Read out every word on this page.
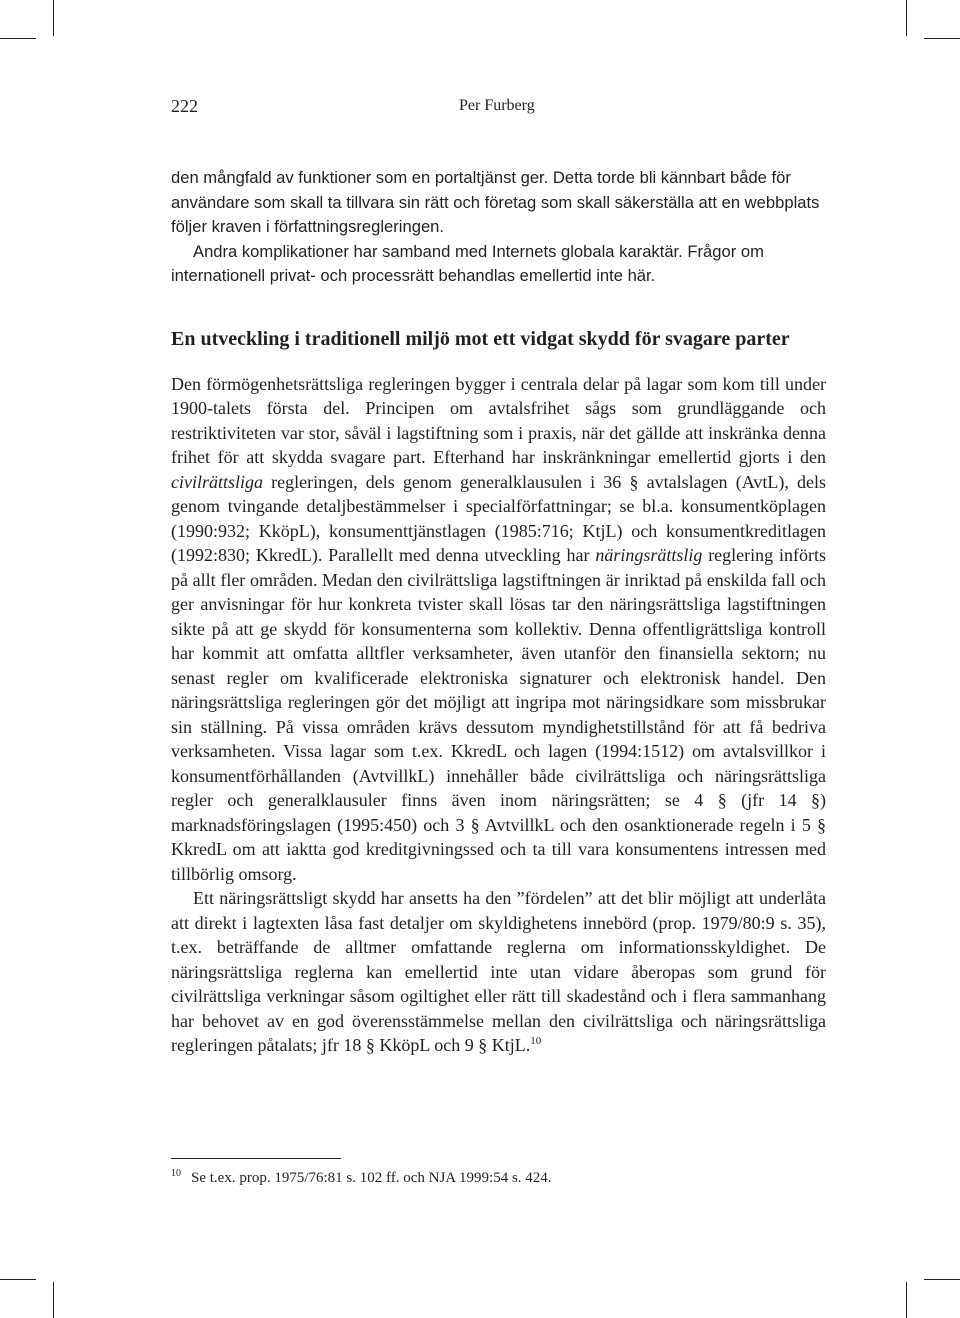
222	Per Furberg

den mångfald av funktioner som en portaltjänst ger. Detta torde bli kännbart både för användare som skall ta tillvara sin rätt och företag som skall säkerställa att en webbplats följer kraven i författningsregleringen.

Andra komplikationer har samband med Internets globala karaktär. Frågor om internationell privat- och processrätt behandlas emellertid inte här.

En utveckling i traditionell miljö mot ett vidgat skydd för svagare parter

Den förmögenhetsrättsliga regleringen bygger i centrala delar på lagar som kom till under 1900-talets första del. Principen om avtalsfrihet sågs som grundläggande och restriktiviteten var stor, såväl i lagstiftning som i praxis, när det gällde att inskränka denna frihet för att skydda svagare part. Efterhand har inskränkningar emellertid gjorts i den civilrättsliga regleringen, dels genom generalklausulen i 36 § avtalslagen (AvtL), dels genom tvingande detaljbestämmelser i specialförfattningar; se bl.a. konsumentköplagen (1990:932; KköpL), konsumenttjänstlagen (1985:716; KtjL) och konsumentkreditlagen (1992:830; KkredL). Parallellt med denna utveckling har näringsrättslig reglering införts på allt fler områden. Medan den civilrättsliga lagstiftningen är inriktad på enskilda fall och ger anvisningar för hur konkreta tvister skall lösas tar den näringsrättsliga lagstiftningen sikte på att ge skydd för konsumenterna som kollektiv. Denna offentligrättsliga kontroll har kommit att omfatta alltfler verksamheter, även utanför den finansiella sektorn; nu senast regler om kvalificerade elektroniska signaturer och elektronisk handel. Den näringsrättsliga regleringen gör det möjligt att ingripa mot näringsidkare som missbrukar sin ställning. På vissa områden krävs dessutom myndighetstillstånd för att få bedriva verksamheten. Vissa lagar som t.ex. KkredL och lagen (1994:1512) om avtalsvillkor i konsumentförhållanden (AvtvillkL) innehåller både civilrättsliga och näringsrättsliga regler och generalklausuler finns även inom näringsrätten; se 4 § (jfr 14 §) marknadsföringslagen (1995:450) och 3 § AvtvillkL och den osanktionerade regeln i 5 § KkredL om att iaktta god kreditgivningssed och ta till vara konsumentens intressen med tillbörlig omsorg.

Ett näringsrättsligt skydd har ansetts ha den ”fördelen” att det blir möjligt att underlåta att direkt i lagtexten låsa fast detaljer om skyldighetens innebörd (prop. 1979/80:9 s. 35), t.ex. beträffande de alltmer omfattande reglerna om informationsskyldighet. De näringsrättsliga reglerna kan emellertid inte utan vidare åberopas som grund för civilrättsliga verkningar såsom ogiltighet eller rätt till skadestånd och i flera sammanhang har behovet av en god överensstämmelse mellan den civilrättsliga och näringsrättsliga regleringen påtalats; jfr 18 § KköpL och 9 § KtjL.$^{10}$

$^{10}$ Se t.ex. prop. 1975/76:81 s. 102 ff. och NJA 1999:54 s. 424.
